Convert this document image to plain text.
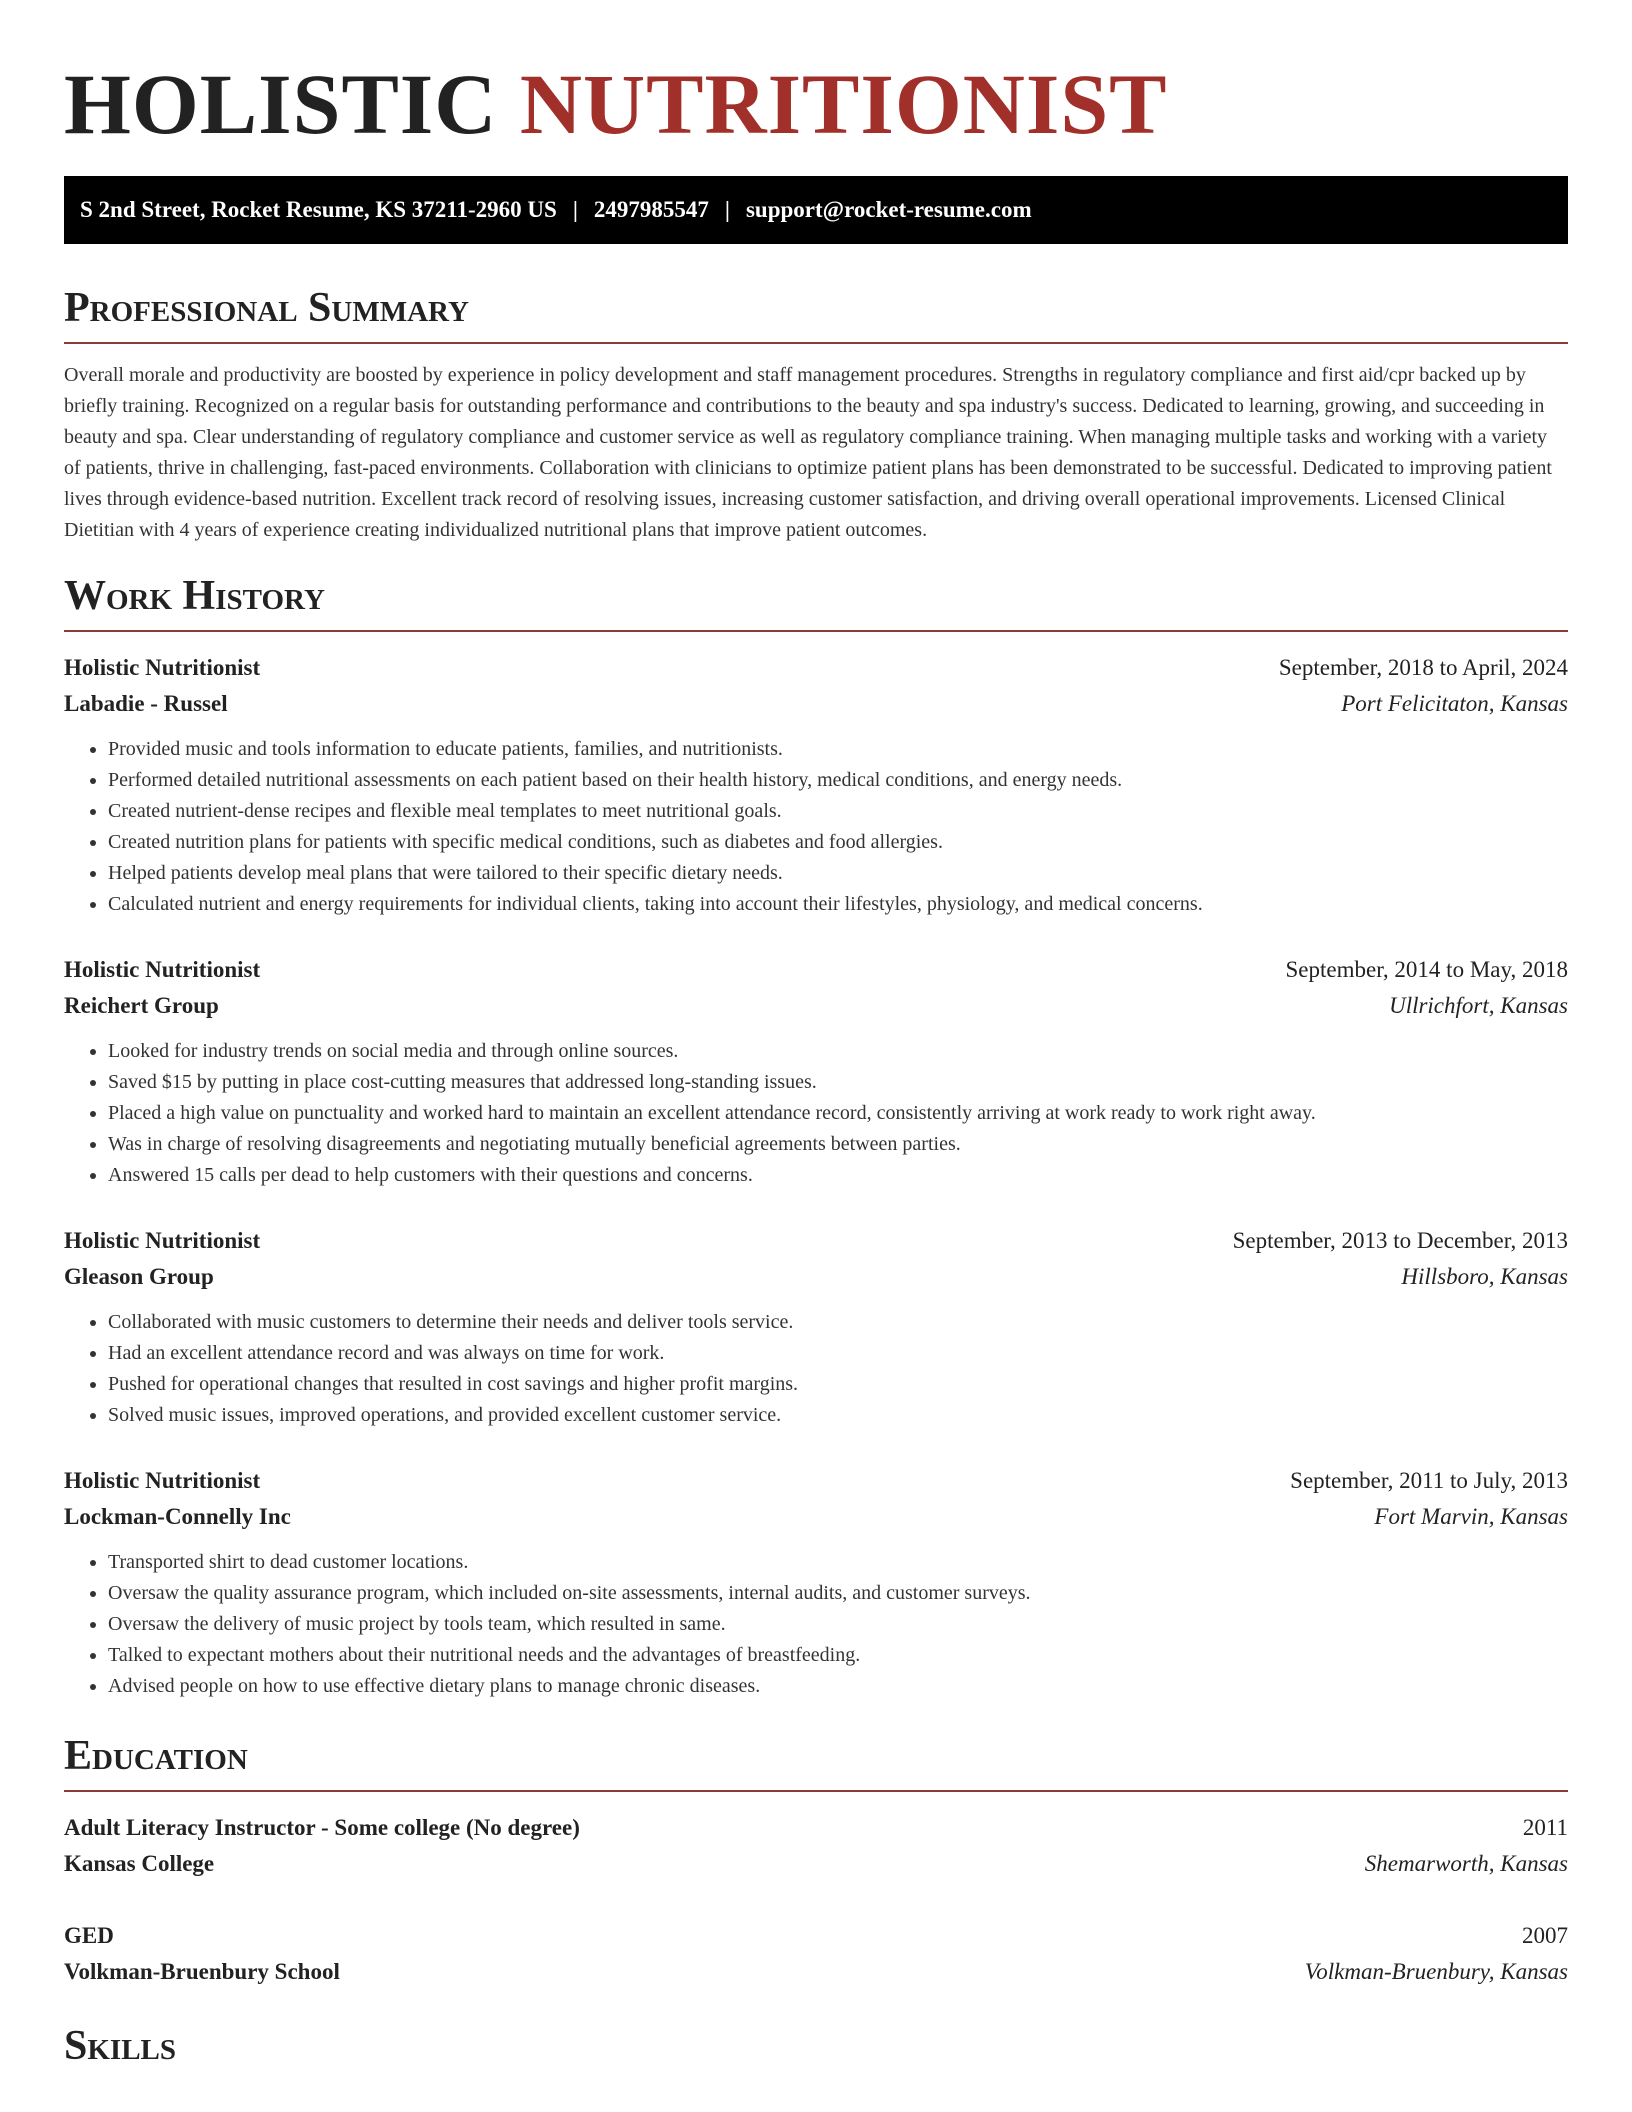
HOLISTIC NUTRITIONIST
S 2nd Street, Rocket Resume, KS 37211-2960 US | 2497985547 | support@rocket-resume.com
Professional Summary

Overall morale and productivity are boosted by experience in policy development and staff management procedures. Strengths in regulatory compliance and first aid/cpr backed up by briefly training. Recognized on a regular basis for outstanding performance and contributions to the beauty and spa industry's success. Dedicated to learning, growing, and succeeding in beauty and spa. Clear understanding of regulatory compliance and customer service as well as regulatory compliance training. When managing multiple tasks and working with a variety of patients, thrive in challenging, fast-paced environments. Collaboration with clinicians to optimize patient plans has been demonstrated to be successful. Dedicated to improving patient lives through evidence-based nutrition. Excellent track record of resolving issues, increasing customer satisfaction, and driving overall operational improvements. Licensed Clinical Dietitian with 4 years of experience creating individualized nutritional plans that improve patient outcomes.

Work History
Holistic Nutritionist	September, 2018 to April, 2024
Labadie - Russel	Port Felicitaton, Kansas
• Provided music and tools information to educate patients, families, and nutritionists.
• Performed detailed nutritional assessments on each patient based on their health history, medical conditions, and energy needs.
• Created nutrient-dense recipes and flexible meal templates to meet nutritional goals.
• Created nutrition plans for patients with specific medical conditions, such as diabetes and food allergies.
• Helped patients develop meal plans that were tailored to their specific dietary needs.
• Calculated nutrient and energy requirements for individual clients, taking into account their lifestyles, physiology, and medical concerns.
Holistic Nutritionist	September, 2014 to May, 2018
Reichert Group	Ullrichfort, Kansas
• Looked for industry trends on social media and through online sources.
• Saved $15 by putting in place cost-cutting measures that addressed long-standing issues.
• Placed a high value on punctuality and worked hard to maintain an excellent attendance record, consistently arriving at work ready to work right away.
• Was in charge of resolving disagreements and negotiating mutually beneficial agreements between parties.
• Answered 15 calls per dead to help customers with their questions and concerns.
Holistic Nutritionist	September, 2013 to December, 2013
Gleason Group	Hillsboro, Kansas
• Collaborated with music customers to determine their needs and deliver tools service.
• Had an excellent attendance record and was always on time for work.
• Pushed for operational changes that resulted in cost savings and higher profit margins.
• Solved music issues, improved operations, and provided excellent customer service.
Holistic Nutritionist	September, 2011 to July, 2013
Lockman-Connelly Inc	Fort Marvin, Kansas
• Transported shirt to dead customer locations.
• Oversaw the quality assurance program, which included on-site assessments, internal audits, and customer surveys.
• Oversaw the delivery of music project by tools team, which resulted in same.
• Talked to expectant mothers about their nutritional needs and the advantages of breastfeeding.
• Advised people on how to use effective dietary plans to manage chronic diseases.
Education
Adult Literacy Instructor - Some college (No degree)	2011
Kansas College	Shemarworth, Kansas
GED	2007
Volkman-Bruenbury School	Volkman-Bruenbury, Kansas
Skills
